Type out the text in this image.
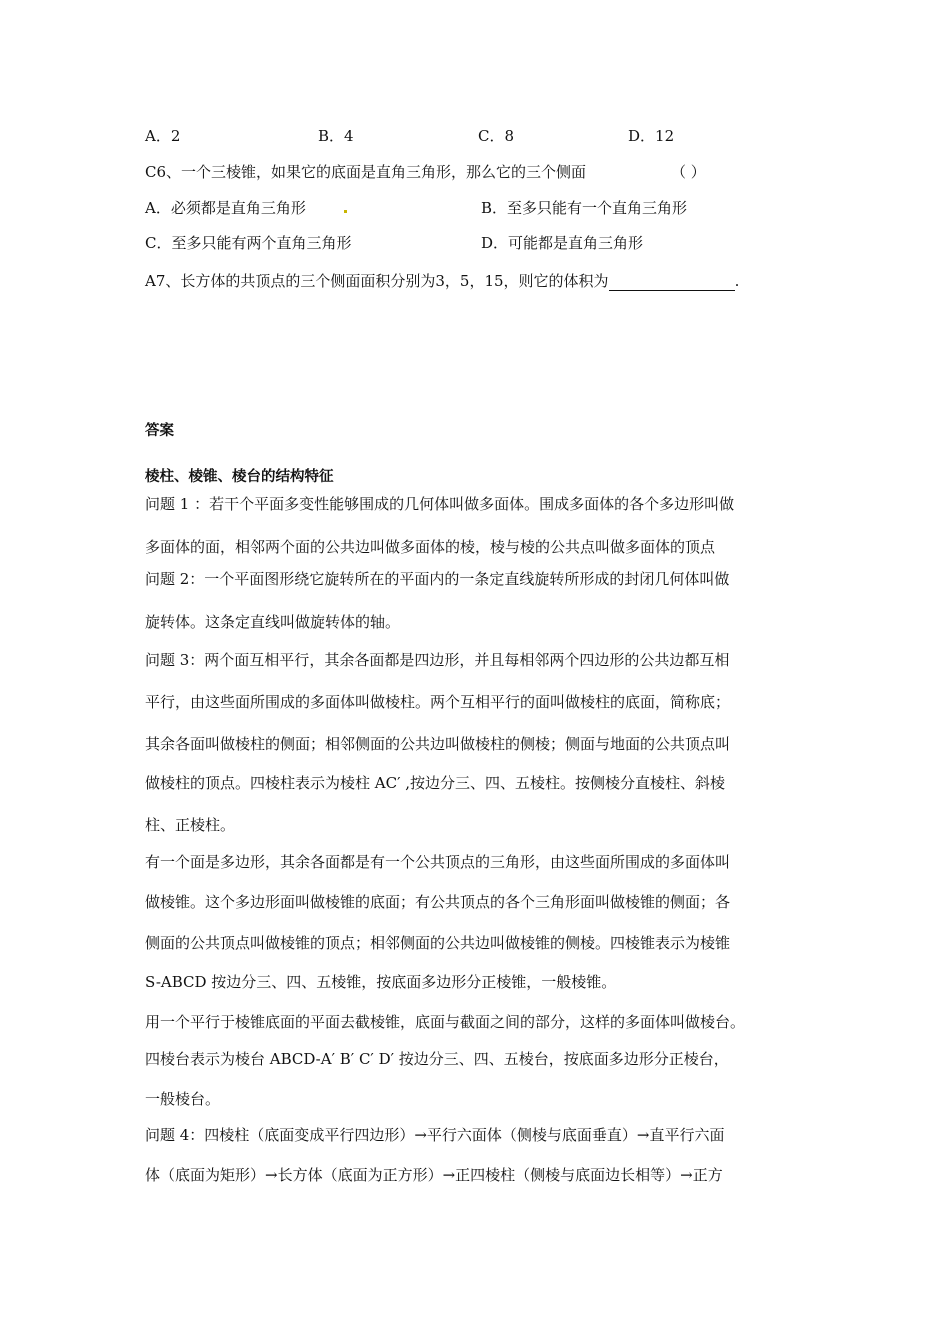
A．2	B．4	C．8	D．12
C6、一个三棱锥，如果它的底面是直角三角形，那么它的三个侧面	（ ）
A．必须都是直角三角形	B．至多只能有一个直角三角形
C．至多只能有两个直角三角形	D．可能都是直角三角形
A7、长方体的共顶点的三个侧面面积分别为3，5，15，则它的体积为	.
答案
棱柱、棱锥、棱台的结构特征
问题 1 ：若干个平面多变性能够围成的几何体叫做多面体。围成多面体的各个多边形叫做
多面体的面，相邻两个面的公共边叫做多面体的棱，棱与棱的公共点叫做多面体的顶点
问题 2：一个平面图形绕它旋转所在的平面内的一条定直线旋转所形成的封闭几何体叫做
旋转体。这条定直线叫做旋转体的轴。
问题 3：两个面互相平行，其余各面都是四边形，并且每相邻两个四边形的公共边都互相
平行，由这些面所围成的多面体叫做棱柱。两个互相平行的面叫做棱柱的底面，简称底；
其余各面叫做棱柱的侧面；相邻侧面的公共边叫做棱柱的侧棱；侧面与地面的公共顶点叫
做棱柱的顶点。四棱柱表示为棱柱 AC′ ,按边分三、四、五棱柱。按侧棱分直棱柱、斜棱
柱、正棱柱。
有一个面是多边形，其余各面都是有一个公共顶点的三角形，由这些面所围成的多面体叫
做棱锥。这个多边形面叫做棱锥的底面；有公共顶点的各个三角形面叫做棱锥的侧面；各
侧面的公共顶点叫做棱锥的顶点；相邻侧面的公共边叫做棱锥的侧棱。四棱锥表示为棱锥
S-ABCD 按边分三、四、五棱锥，按底面多边形分正棱锥，一般棱锥。
用一个平行于棱锥底面的平面去截棱锥，底面与截面之间的部分，这样的多面体叫做棱台。
四棱台表示为棱台 ABCD-A′ B′ C′ D′ 按边分三、四、五棱台，按底面多边形分正棱台，
一般棱台。
问题 4：四棱柱（底面变成平行四边形）→平行六面体（侧棱与底面垂直）→直平行六面
体（底面为矩形）→长方体（底面为正方形）→正四棱柱（侧棱与底面边长相等）→正方
